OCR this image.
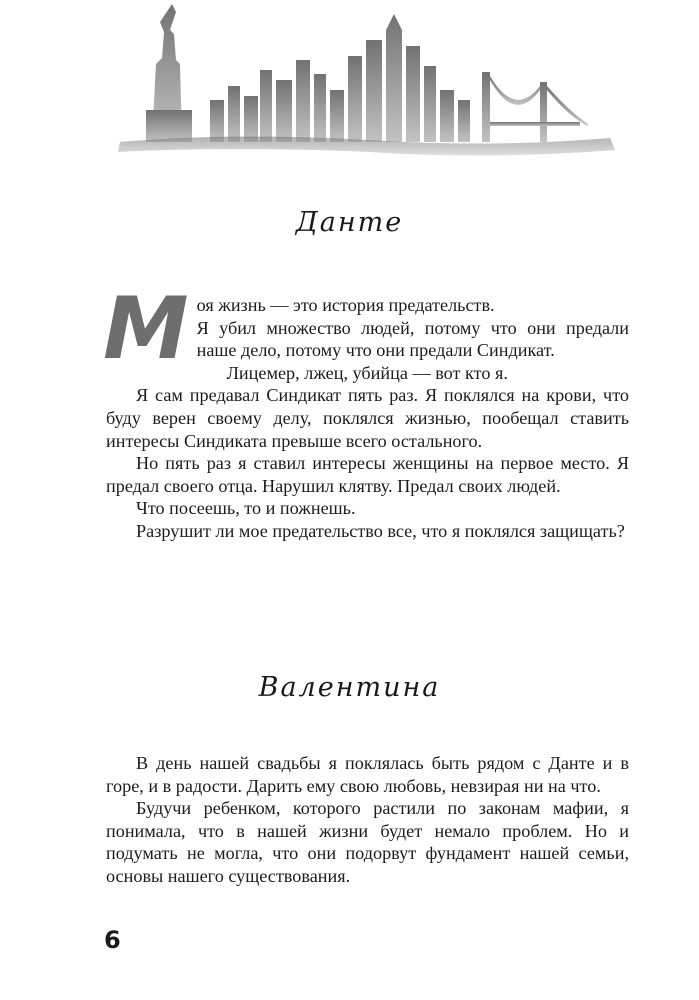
Данте
М оя жизнь — это история предательств.

Я убил множество людей, потому что они предали наше дело, потому что они предали Синдикат.

Лицемер, лжец, убийца — вот кто я.

Я сам предавал Синдикат пять раз. Я поклялся на крови, что буду верен своему делу, поклялся жизнью, пообещал ставить интересы Синдиката превыше всего остального.

Но пять раз я ставил интересы женщины на первое место. Я предал своего отца. Нарушил клятву. Предал своих людей.

Что посеешь, то и пожнешь.

Разрушит ли мое предательство все, что я поклялся защищать?

Валентина

В день нашей свадьбы я поклялась быть рядом с Данте и в горе, и в радости. Дарить ему свою любовь, невзирая ни на что.

Будучи ребенком, которого растили по законам мафии, я понимала, что в нашей жизни будет немало проблем. Но и подумать не могла, что они подорвут фундамент нашей семьи, основы нашего существования.

6
